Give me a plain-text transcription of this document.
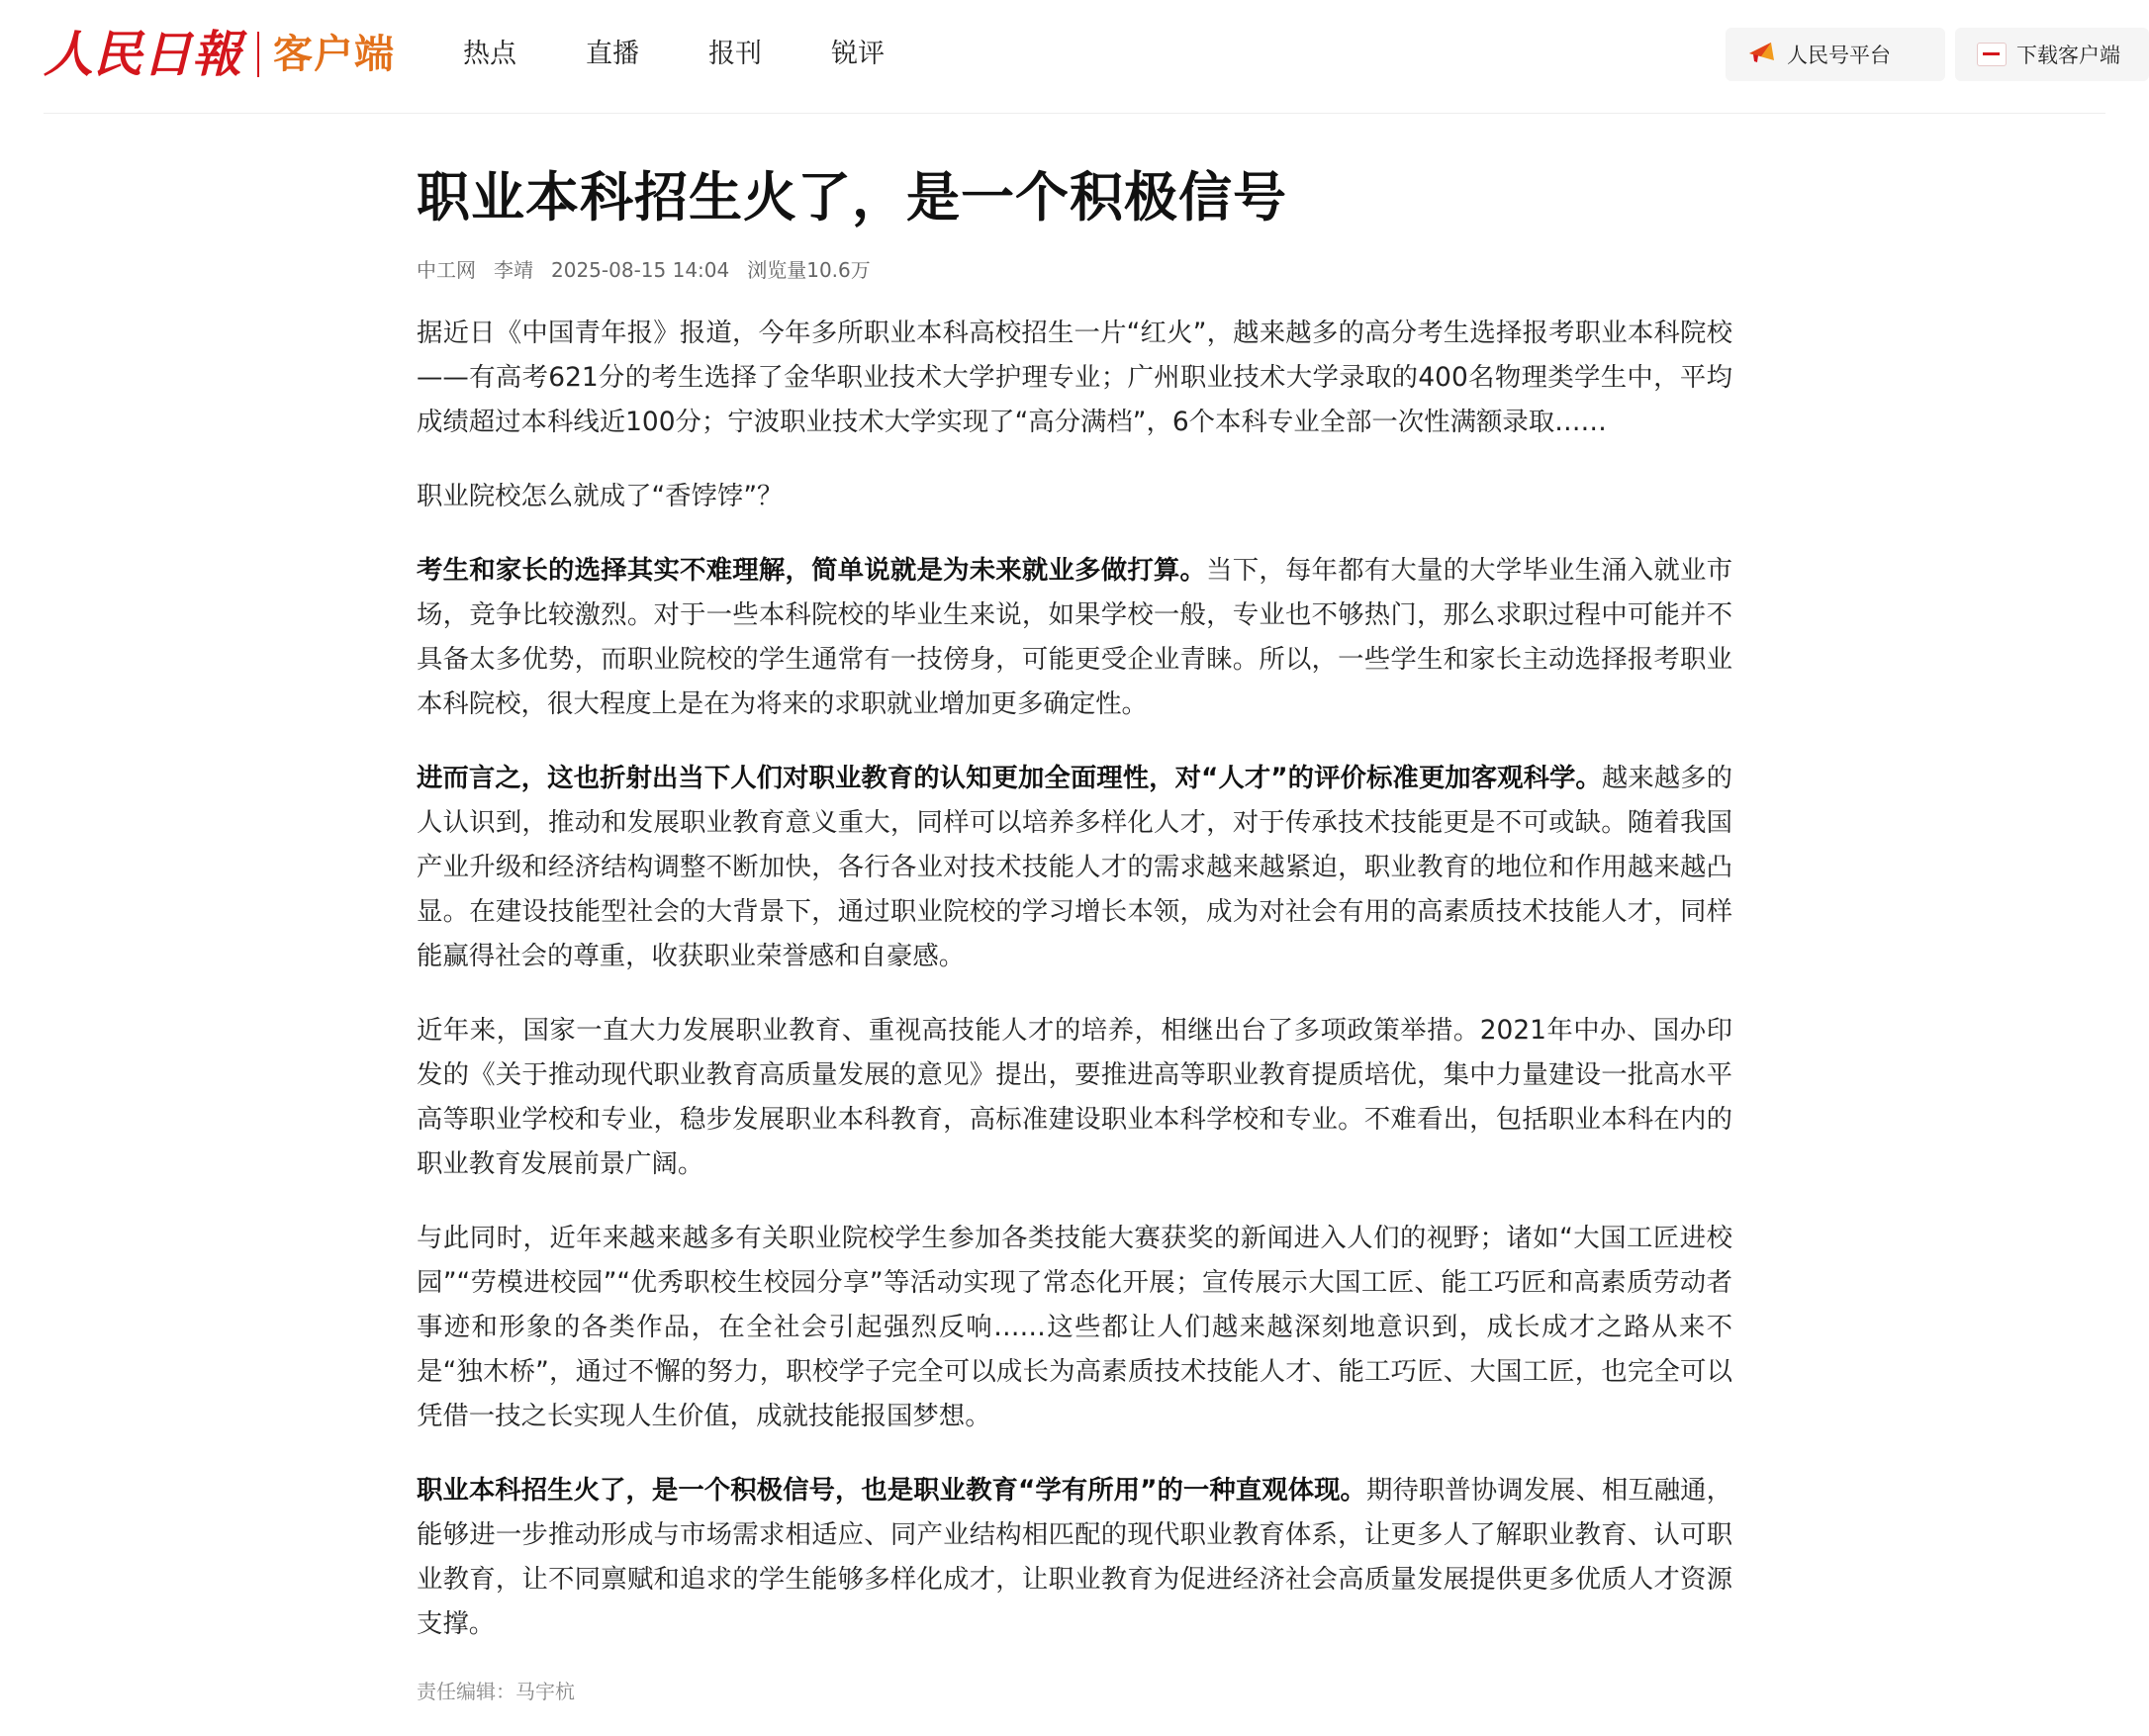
人民日報 客户端	热点	直播	报刊	锐评	人民号平台	下载客户端
职业本科招生火了，是一个积极信号
中工网 李靖 2025-08-15 14:04 浏览量10.6万

据近日《中国青年报》报道，今年多所职业本科高校招生一片“红火”，越来越多的高分考生选择报考职业本科院校——有高考621分的考生选择了金华职业技术大学护理专业；广州职业技术大学录取的400名物理类学生中，平均成绩超过本科线近100分；宁波职业技术大学实现了“高分满档”，6个本科专业全部一次性满额录取……

职业院校怎么就成了“香饽饽”？

考生和家长的选择其实不难理解，简单说就是为未来就业多做打算。当下，每年都有大量的大学毕业生涌入就业市场，竞争比较激烈。对于一些本科院校的毕业生来说，如果学校一般，专业也不够热门，那么求职过程中可能并不具备太多优势，而职业院校的学生通常有一技傍身，可能更受企业青睐。所以，一些学生和家长主动选择报考职业本科院校，很大程度上是在为将来的求职就业增加更多确定性。

进而言之，这也折射出当下人们对职业教育的认知更加全面理性，对“人才”的评价标准更加客观科学。越来越多的人认识到，推动和发展职业教育意义重大，同样可以培养多样化人才，对于传承技术技能更是不可或缺。随着我国产业升级和经济结构调整不断加快，各行各业对技术技能人才的需求越来越紧迫，职业教育的地位和作用越来越凸显。在建设技能型社会的大背景下，通过职业院校的学习增长本领，成为对社会有用的高素质技术技能人才，同样能赢得社会的尊重，收获职业荣誉感和自豪感。

近年来，国家一直大力发展职业教育、重视高技能人才的培养，相继出台了多项政策举措。2021年中办、国办印发的《关于推动现代职业教育高质量发展的意见》提出，要推进高等职业教育提质培优，集中力量建设一批高水平高等职业学校和专业，稳步发展职业本科教育，高标准建设职业本科学校和专业。不难看出，包括职业本科在内的职业教育发展前景广阔。

与此同时，近年来越来越多有关职业院校学生参加各类技能大赛获奖的新闻进入人们的视野；诸如“大国工匠进校园”“劳模进校园”“优秀职校生校园分享”等活动实现了常态化开展；宣传展示大国工匠、能工巧匠和高素质劳动者事迹和形象的各类作品，在全社会引起强烈反响……这些都让人们越来越深刻地意识到，成长成才之路从来不是“独木桥”，通过不懈的努力，职校学子完全可以成长为高素质技术技能人才、能工巧匠、大国工匠，也完全可以凭借一技之长实现人生价值，成就技能报国梦想。

职业本科招生火了，是一个积极信号，也是职业教育“学有所用”的一种直观体现。期待职普协调发展、相互融通，能够进一步推动形成与市场需求相适应、同产业结构相匹配的现代职业教育体系，让更多人了解职业教育、认可职业教育，让不同禀赋和追求的学生能够多样化成才，让职业教育为促进经济社会高质量发展提供更多优质人才资源支撑。

责任编辑：马宇杭
